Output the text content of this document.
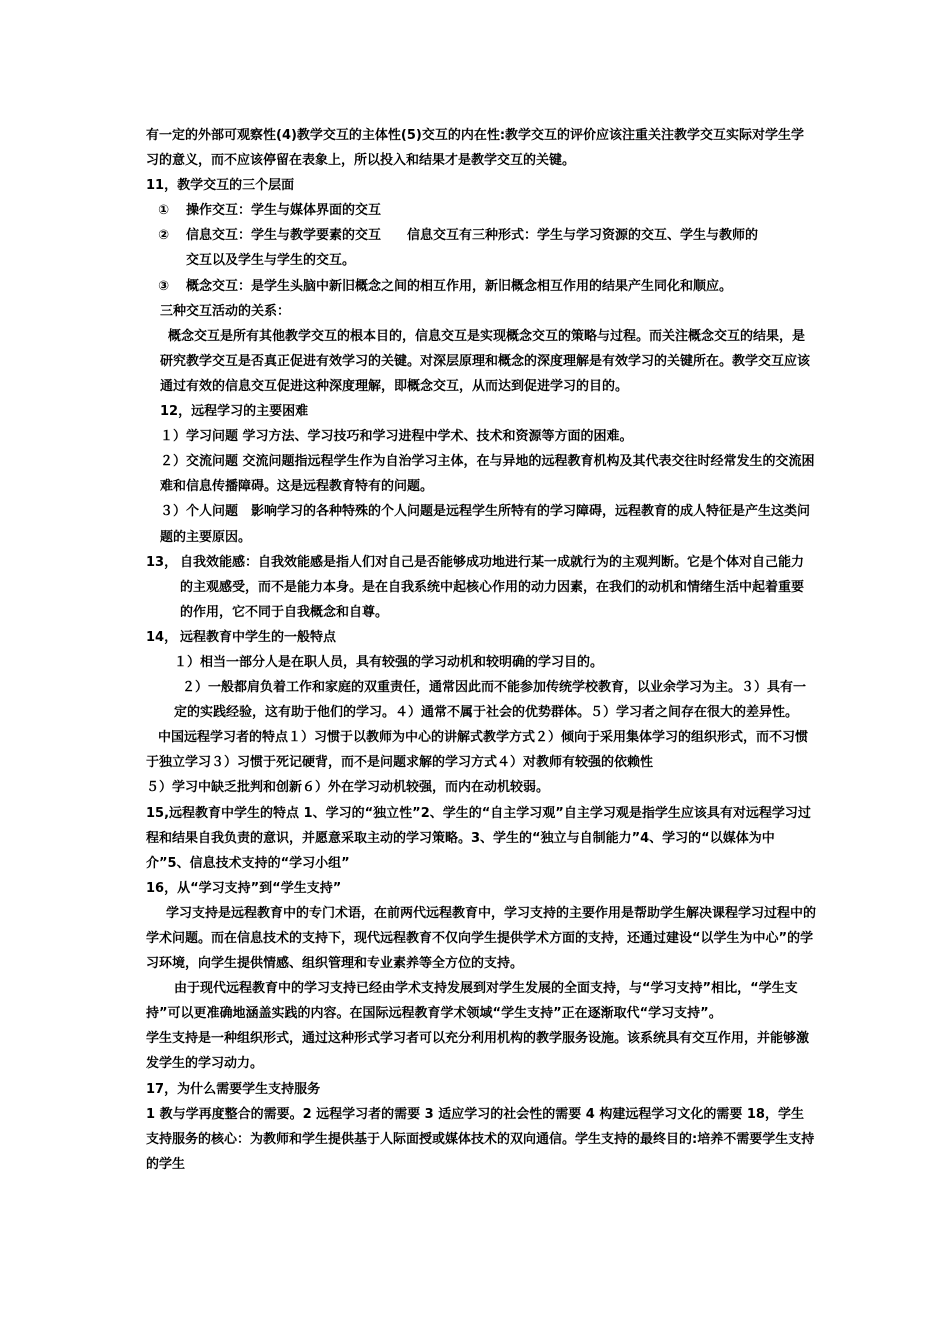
有一定的外部可观察性(4)教学交互的主体性(5)交互的内在性:教学交互的评价应该注重关注教学交互实际对学生学习的意义，而不应该停留在表象上，所以投入和结果才是教学交互的关键。

11，教学交互的三个层面

① 操作交互：学生与媒体界面的交互

② 信息交互：学生与教学要素的交互　　信息交互有三种形式：学生与学习资源的交互、学生与教师的

交互以及学生与学生的交互。

③ 概念交互：是学生头脑中新旧概念之间的相互作用，新旧概念相互作用的结果产生同化和顺应。

三种交互活动的关系：

概念交互是所有其他教学交互的根本目的，信息交互是实现概念交互的策略与过程。而关注概念交互的结果，是研究教学交互是否真正促进有效学习的关键。对深层原理和概念的深度理解是有效学习的关键所在。教学交互应该通过有效的信息交互促进这种深度理解，即概念交互，从而达到促进学习的目的。

12，远程学习的主要困难

１）学习问题 学习方法、学习技巧和学习进程中学术、技术和资源等方面的困难。

２）交流问题 交流问题指远程学生作为自治学习主体，在与异地的远程教育机构及其代表交往时经常发生的交流困难和信息传播障碍。这是远程教育特有的问题。

３）个人问题　影响学习的各种特殊的个人问题是远程学生所特有的学习障碍，远程教育的成人特征是产生这类问题的主要原因。

13， 自我效能感：自我效能感是指人们对自己是否能够成功地进行某一成就行为的主观判断。它是个体对自己能力的主观感受，而不是能力本身。是在自我系统中起核心作用的动力因素，在我们的动机和情绪生活中起着重要的作用，它不同于自我概念和自尊。

14， 远程教育中学生的一般特点

１）相当一部分人是在职人员，具有较强的学习动机和较明确的学习目的。

２）一般都肩负着工作和家庭的双重责任，通常因此而不能参加传统学校教育，以业余学习为主。３）具有一定的实践经验，这有助于他们的学习。４）通常不属于社会的优势群体。５）学习者之间存在很大的差异性。

中国远程学习者的特点１）习惯于以教师为中心的讲解式教学方式２）倾向于采用集体学习的组织形式，而不习惯于独立学习３）习惯于死记硬背，而不是问题求解的学习方式４）对教师有较强的依赖性

５）学习中缺乏批判和创新６）外在学习动机较强，而内在动机较弱。

15,远程教育中学生的特点 1、学习的“独立性”2、学生的“自主学习观”自主学习观是指学生应该具有对远程学习过程和结果自我负责的意识，并愿意采取主动的学习策略。3、学生的“独立与自制能力”4、学习的“以媒体为中介”5、信息技术支持的“学习小组”

16，从“学习支持”到“学生支持”

学习支持是远程教育中的专门术语，在前两代远程教育中，学习支持的主要作用是帮助学生解决课程学习过程中的学术问题。而在信息技术的支持下，现代远程教育不仅向学生提供学术方面的支持，还通过建设“以学生为中心”的学习环境，向学生提供情感、组织管理和专业素养等全方位的支持。

由于现代远程教育中的学习支持已经由学术支持发展到对学生发展的全面支持，与“学习支持”相比，“学生支持”可以更准确地涵盖实践的内容。在国际远程教育学术领域“学生支持”正在逐渐取代“学习支持”。

学生支持是一种组织形式，通过这种形式学习者可以充分利用机构的教学服务设施。该系统具有交互作用，并能够激发学生的学习动力。

17，为什么需要学生支持服务

1 教与学再度整合的需要。2 远程学习者的需要 3 适应学习的社会性的需要 4 构建远程学习文化的需要 18，学生支持服务的核心：为教师和学生提供基于人际面授或媒体技术的双向通信。学生支持的最终目的:培养不需要学生支持的学生
